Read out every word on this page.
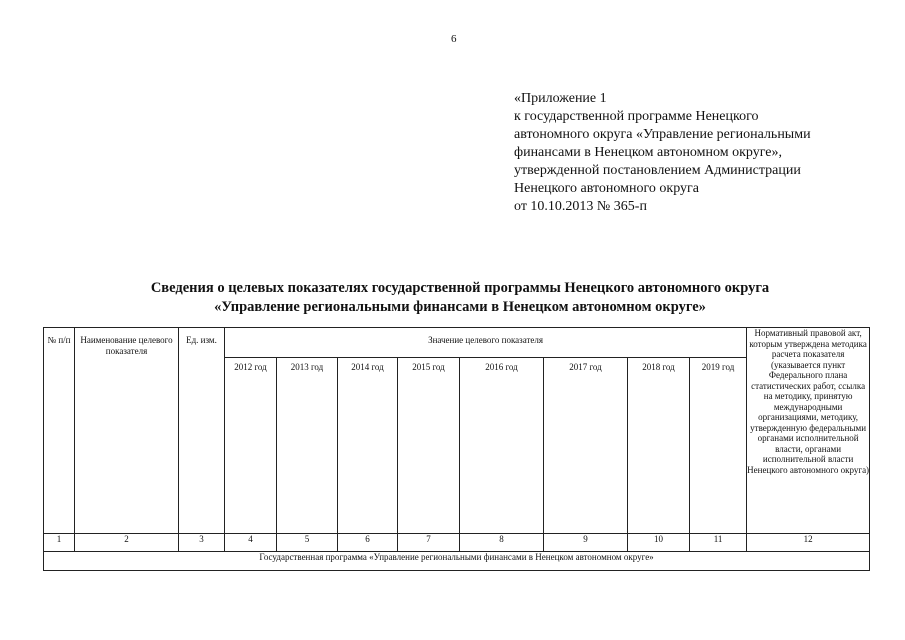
6
«Приложение 1
к государственной программе Ненецкого
автономного округа «Управление региональными
финансами в Ненецком автономном округе»,
утвержденной постановлением Администрации
Ненецкого автономного округа
от 10.10.2013 № 365-п
Сведения о целевых показателях государственной программы Ненецкого автономного округа
«Управление региональными финансами в Ненецком автономном округе»
№ п/п	Наименование целевого показателя	Ед. изм.	Значение целевого показателя								Нормативный правовой акт, которым утверждена методика расчета показателя (указывается пункт Федерального плана статистических работ, ссылка на методику, принятую международными организациями, методику, утвержденную федеральными органами исполнительной власти, органами исполнительной власти Ненецкого автономного округа)

			2012 год	2013 год	2014 год	2015 год	2016 год	2017 год	2018 год	2019 год	

1	2	3	4	5	6	7	8	9	10	11	12
Государственная программа «Управление региональными финансами в Ненецком автономном округе»											
